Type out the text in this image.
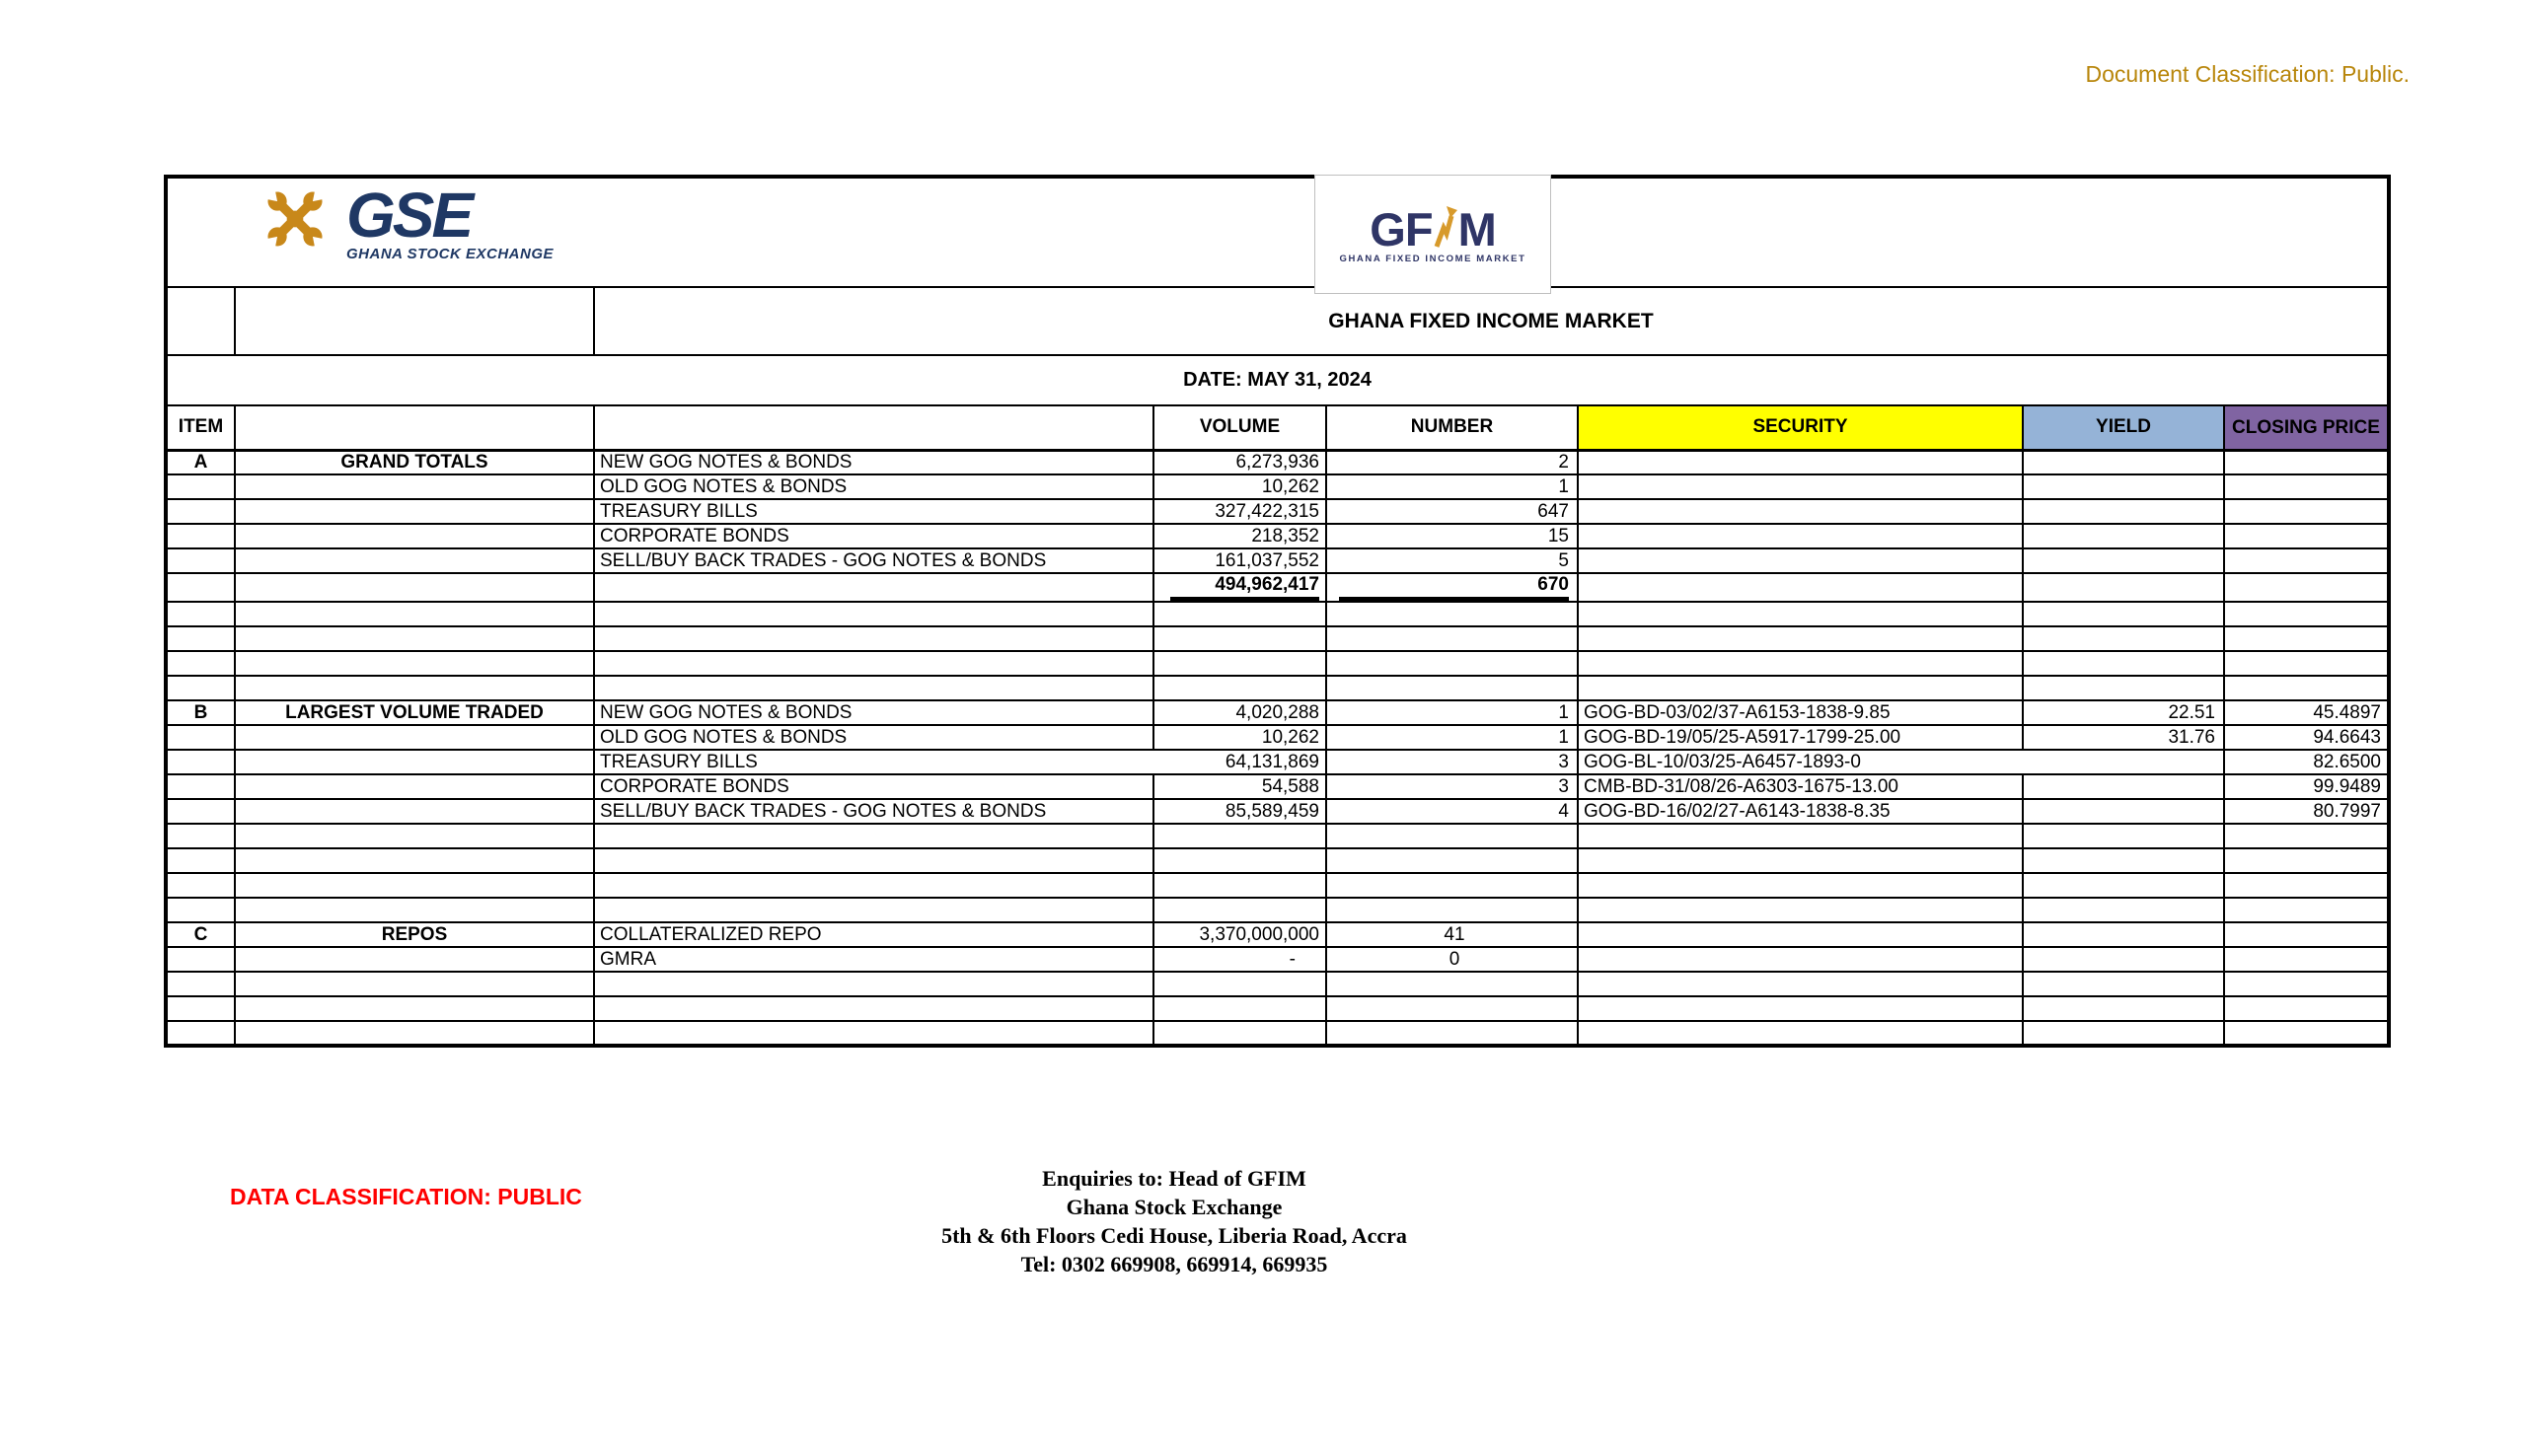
Document Classification: Public.
GSE
GHANA STOCK EXCHANGE							

		GHANA FIXED INCOME MARKET					
DATE: MAY 31, 2024							
ITEM			VOLUME	NUMBER	SECURITY	YIELD	CLOSING PRICE
A	GRAND TOTALS	NEW GOG NOTES & BONDS	6,273,936	2			
		OLD GOG NOTES & BONDS	10,262	1			
		TREASURY BILLS	327,422,315	647			
		CORPORATE BONDS	218,352	15			
		SELL/BUY BACK TRADES - GOG NOTES & BONDS	161,037,552	5			
			494,962,417	670			

B	LARGEST VOLUME TRADED	NEW GOG NOTES & BONDS	4,020,288	1	GOG-BD-03/02/37-A6153-1838-9.85	22.51	45.4897
		OLD GOG NOTES & BONDS	10,262	1	GOG-BD-19/05/25-A5917-1799-25.00	31.76	94.6643
		TREASURY BILLS	64,131,869	3	GOG-BL-10/03/25-A6457-1893-0		82.6500
		CORPORATE BONDS	54,588	3	CMB-BD-31/08/26-A6303-1675-13.00		99.9489
		SELL/BUY BACK TRADES - GOG NOTES & BONDS	85,589,459	4	GOG-BD-16/02/27-A6143-1838-8.35		80.7997

C	REPOS	COLLATERALIZED REPO	3,370,000,000	41			
		GMRA	-	0			

GF M
GHANA FIXED INCOME MARKET
DATA CLASSIFICATION: PUBLIC
Enquiries to: Head of GFIM
Ghana Stock Exchange
5th & 6th Floors Cedi House, Liberia Road, Accra
Tel: 0302 669908, 669914, 669935
